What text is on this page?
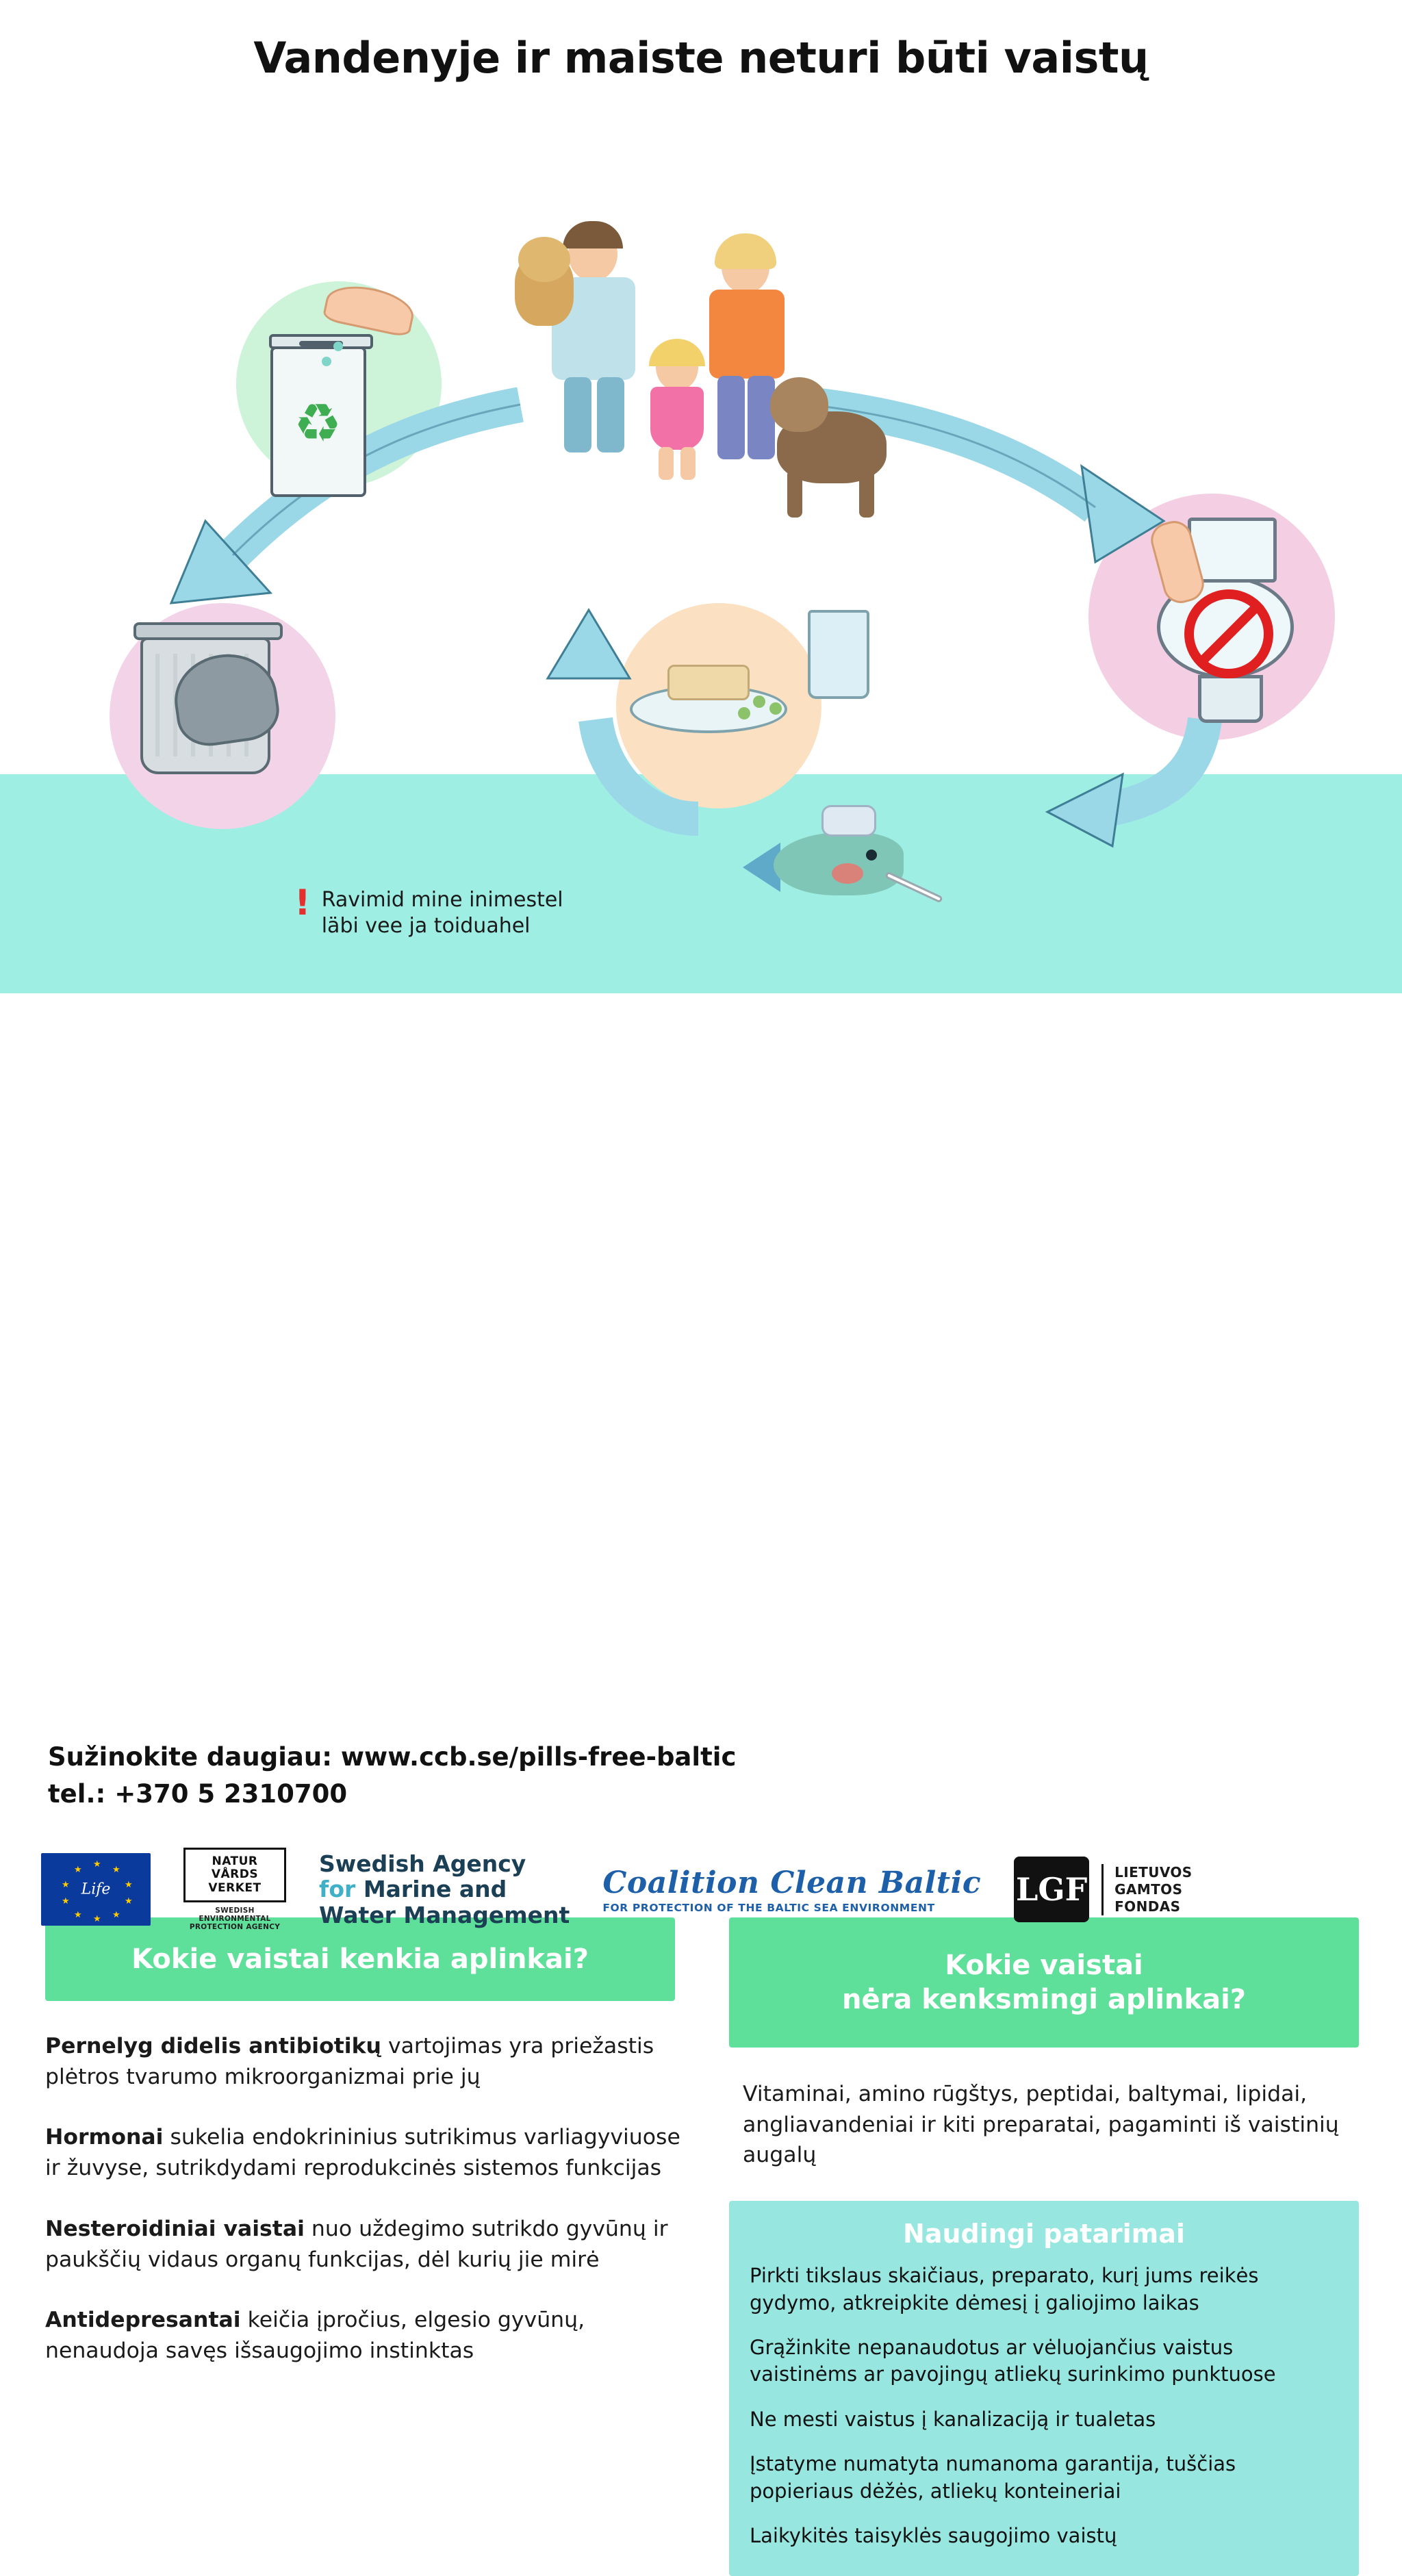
Vandenyje ir maiste neturi būti vaistų
♻
! Ravimid mine inimestel
läbi vee ja toiduahel
Kokie vaistai kenkia aplinkai?
Pernelyg didelis antibiotikų vartojimas yra priežastis plėtros tvarumo mikroorganizmai prie jų
Hormonai sukelia endokrininius sutrikimus varliagyviuose ir žuvyse, sutrikdydami reprodukcinės sistemos funkcijas
Nesteroidiniai vaistai nuo uždegimo sutrikdo gyvūnų ir paukščių vidaus organų funkcijas, dėl kurių jie mirė
Antidepresantai keičia įpročius, elgesio gyvūnų, nenaudoja savęs išsaugojimo instinktas
Kokie vaistai
nėra kenksmingi aplinkai?
Vitaminai, amino rūgštys, peptidai, baltymai, lipidai, angliavandeniai ir kiti preparatai, pagaminti iš vaistinių augalų
Naudingi patarimai
Pirkti tikslaus skaičiaus, preparato, kurį jums reikės gydymo, atkreipkite dėmesį į galiojimo laikas
Grąžinkite nepanaudotus ar vėluojančius vaistus vaistinėms ar pavojingų atliekų surinkimo punktuose
Ne mesti vaistus į kanalizaciją ir tualetas
Įstatyme numatyta numanoma garantija, tuščias popieriaus dėžės, atliekų konteineriai
Laikykitės taisyklės saugojimo vaistų
Sužinokite daugiau: www.ccb.se/pills-free-baltic
tel.: +370 5 2310700
★
★
★
★
★
★
★
★
★
★
Life
NATUR
VÅRDS
VERKET
SWEDISH ENVIRONMENTAL PROTECTION AGENCY
Swedish Agency
for Marine and
Water Management
Coalition Clean Baltic
FOR PROTECTION OF THE BALTIC SEA ENVIRONMENT	LGF LIETUVOS
GAMTOS
FONDAS
